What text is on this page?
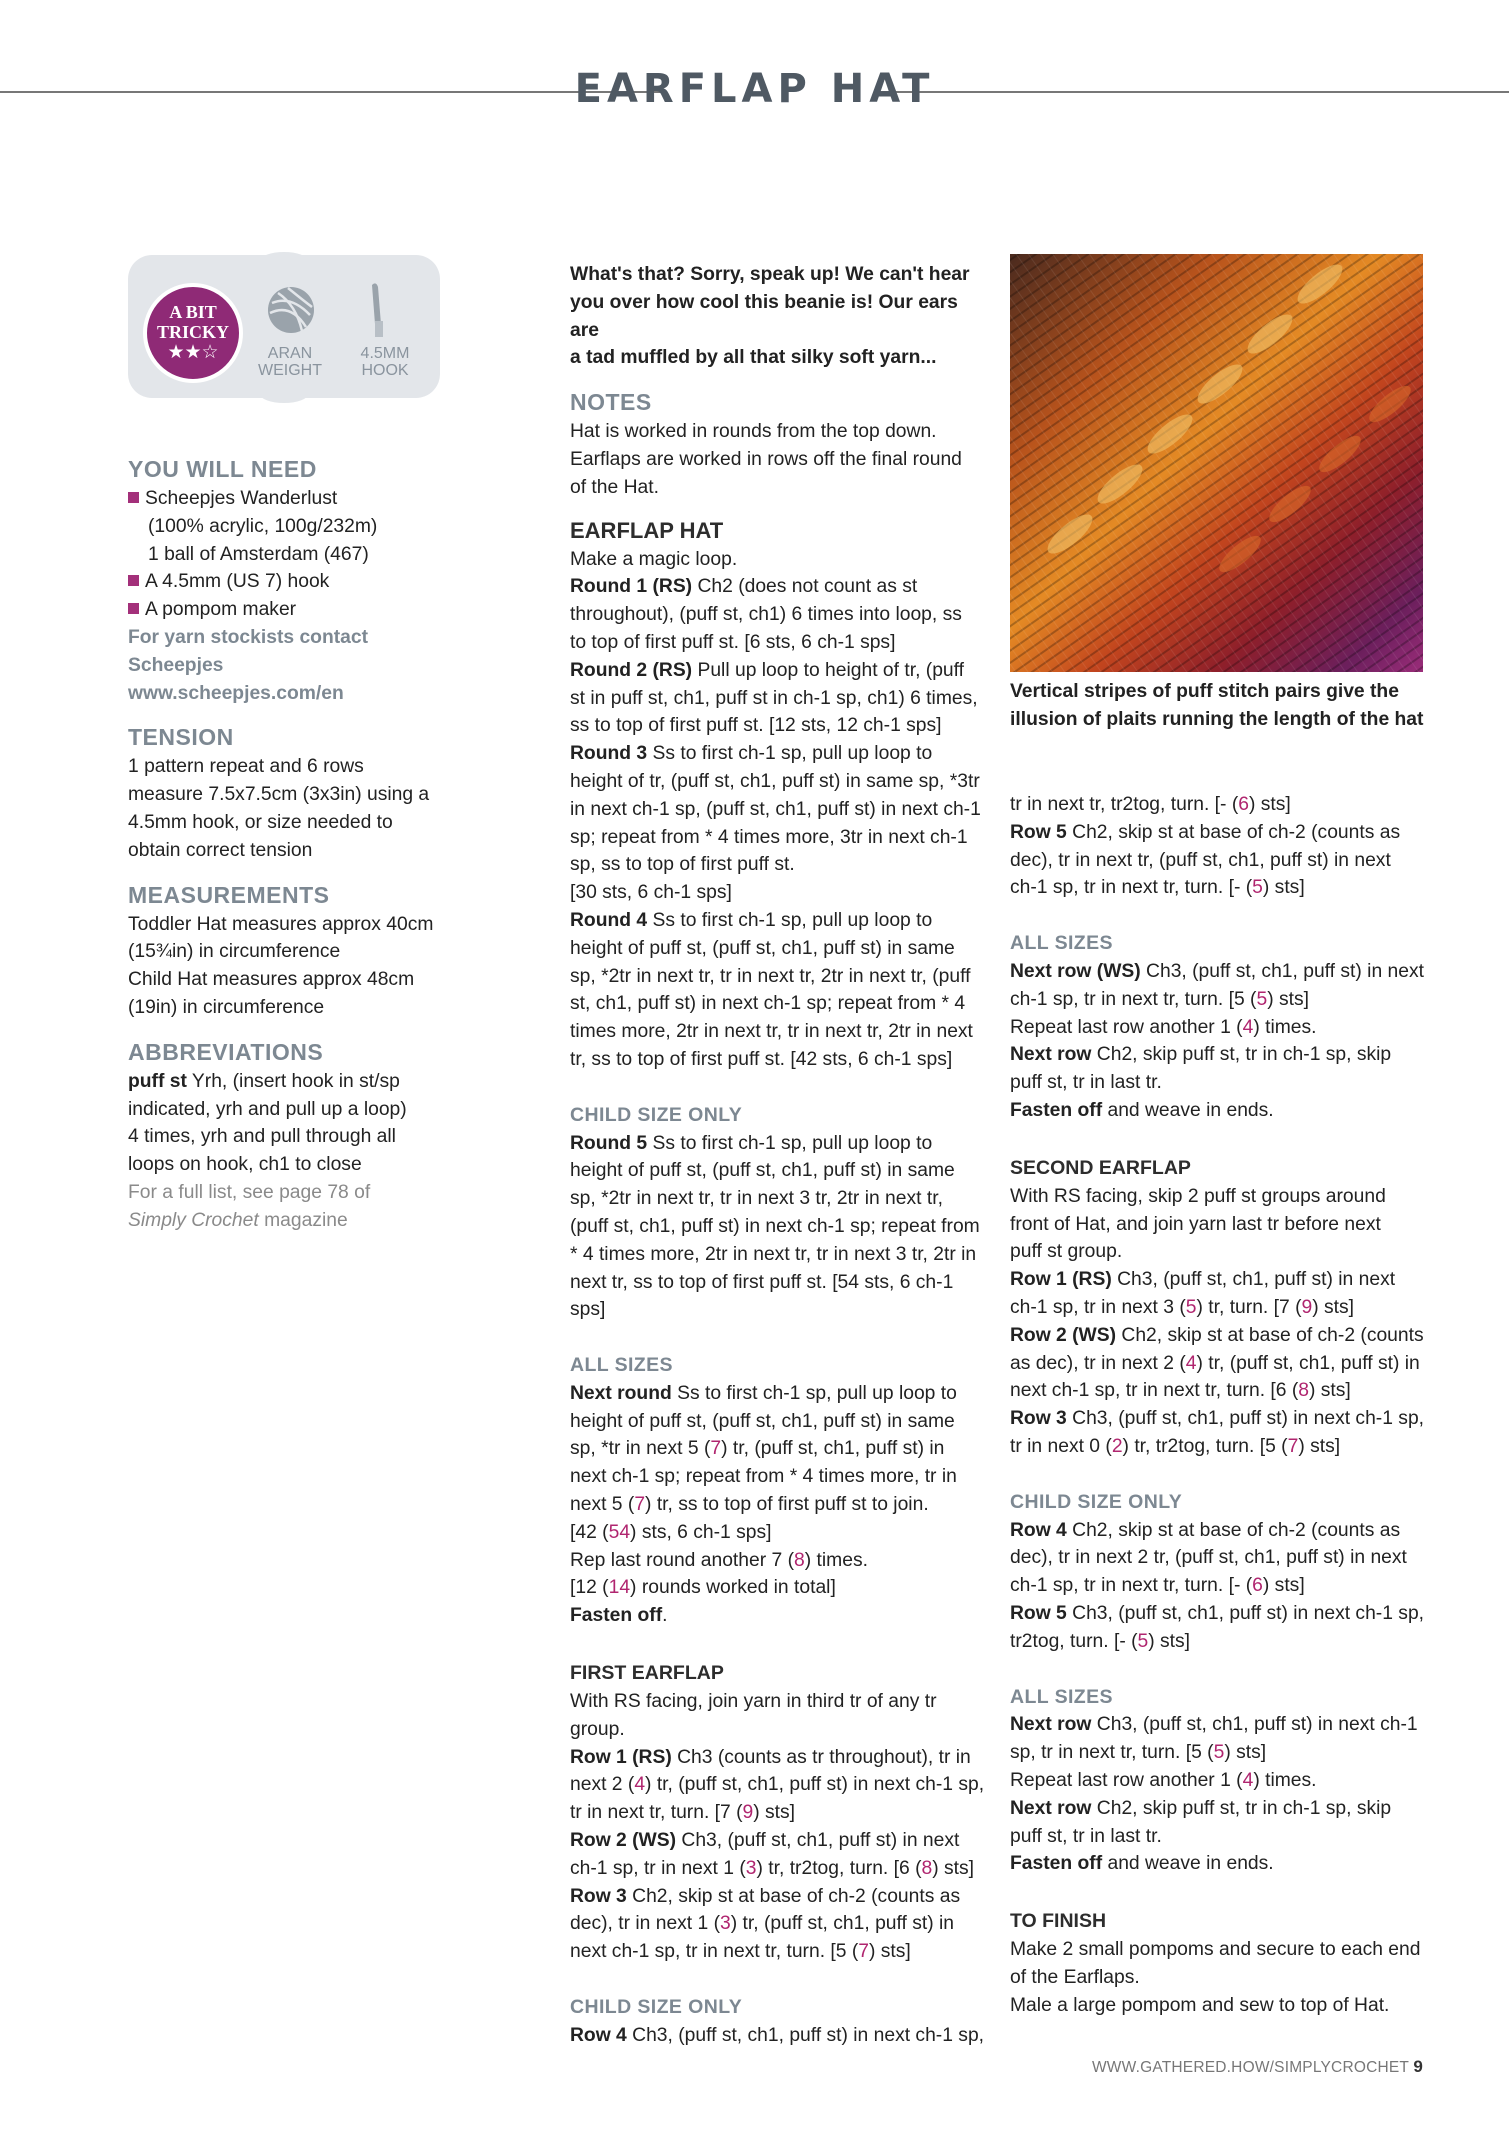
EARFLAP HAT
A BIT
TRICKY
★★☆	ARAN
WEIGHT
4.5MM
HOOK

YOU WILL NEED

Scheepjes Wanderlust

(100% acrylic, 100g/232m)

1 ball of Amsterdam (467)

A 4.5mm (US 7) hook

A pompom maker

For yarn stockists contact

Scheepjes

www.scheepjes.com/en

TENSION

1 pattern repeat and 6 rows

measure 7.5x7.5cm (3x3in) using a

4.5mm hook, or size needed to

obtain correct tension

MEASUREMENTS

Toddler Hat measures approx 40cm

(15¾in) in circumference

Child Hat measures approx 48cm

(19in) in circumference

ABBREVIATIONS

puff st Yrh, (insert hook in st/sp

indicated, yrh and pull up a loop)

4 times, yrh and pull through all

loops on hook, ch1 to close

For a full list, see page 78 of

Simply Crochet magazine

What's that? Sorry, speak up! We can't hear

you over how cool this beanie is! Our ears are

a tad muffled by all that silky soft yarn...

NOTES

Hat is worked in rounds from the top down.

Earflaps are worked in rows off the final round

of the Hat.

EARFLAP HAT

Make a magic loop.

Round 1 (RS) Ch2 (does not count as st

throughout), (puff st, ch1) 6 times into loop, ss

to top of first puff st. [6 sts, 6 ch-1 sps]

Round 2 (RS) Pull up loop to height of tr, (puff

st in puff st, ch1, puff st in ch-1 sp, ch1) 6 times,

ss to top of first puff st. [12 sts, 12 ch-1 sps]

Round 3 Ss to first ch-1 sp, pull up loop to

height of tr, (puff st, ch1, puff st) in same sp, *3tr

in next ch-1 sp, (puff st, ch1, puff st) in next ch-1

sp; repeat from * 4 times more, 3tr in next ch-1

sp, ss to top of first puff st.

[30 sts, 6 ch-1 sps]

Round 4 Ss to first ch-1 sp, pull up loop to

height of puff st, (puff st, ch1, puff st) in same

sp, *2tr in next tr, tr in next tr, 2tr in next tr, (puff

st, ch1, puff st) in next ch-1 sp; repeat from * 4

times more, 2tr in next tr, tr in next tr, 2tr in next

tr, ss to top of first puff st. [42 sts, 6 ch-1 sps]

CHILD SIZE ONLY

Round 5 Ss to first ch-1 sp, pull up loop to

height of puff st, (puff st, ch1, puff st) in same

sp, *2tr in next tr, tr in next 3 tr, 2tr in next tr,

(puff st, ch1, puff st) in next ch-1 sp; repeat from

* 4 times more, 2tr in next tr, tr in next 3 tr, 2tr in

next tr, ss to top of first puff st. [54 sts, 6 ch-1 sps]

ALL SIZES

Next round Ss to first ch-1 sp, pull up loop to

height of puff st, (puff st, ch1, puff st) in same

sp, *tr in next 5 (7) tr, (puff st, ch1, puff st) in

next ch-1 sp; repeat from * 4 times more, tr in

next 5 (7) tr, ss to top of first puff st to join.

[42 (54) sts, 6 ch-1 sps]

Rep last round another 7 (8) times.

[12 (14) rounds worked in total]

Fasten off.

FIRST EARFLAP

With RS facing, join yarn in third tr of any tr

group.

Row 1 (RS) Ch3 (counts as tr throughout), tr in

next 2 (4) tr, (puff st, ch1, puff st) in next ch-1 sp,

tr in next tr, turn. [7 (9) sts]

Row 2 (WS) Ch3, (puff st, ch1, puff st) in next

ch-1 sp, tr in next 1 (3) tr, tr2tog, turn. [6 (8) sts]

Row 3 Ch2, skip st at base of ch-2 (counts as

dec), tr in next 1 (3) tr, (puff st, ch1, puff st) in

next ch-1 sp, tr in next tr, turn. [5 (7) sts]

CHILD SIZE ONLY

Row 4 Ch3, (puff st, ch1, puff st) in next ch-1 sp,

Vertical stripes of puff stitch pairs give the
illusion of plaits running the length of the hat

tr in next tr, tr2tog, turn. [- (6) sts]

Row 5 Ch2, skip st at base of ch-2 (counts as

dec), tr in next tr, (puff st, ch1, puff st) in next

ch-1 sp, tr in next tr, turn. [- (5) sts]

ALL SIZES

Next row (WS) Ch3, (puff st, ch1, puff st) in next

ch-1 sp, tr in next tr, turn. [5 (5) sts]

Repeat last row another 1 (4) times.

Next row Ch2, skip puff st, tr in ch-1 sp, skip

puff st, tr in last tr.

Fasten off and weave in ends.

SECOND EARFLAP

With RS facing, skip 2 puff st groups around

front of Hat, and join yarn last tr before next

puff st group.

Row 1 (RS) Ch3, (puff st, ch1, puff st) in next

ch-1 sp, tr in next 3 (5) tr, turn. [7 (9) sts]

Row 2 (WS) Ch2, skip st at base of ch-2 (counts

as dec), tr in next 2 (4) tr, (puff st, ch1, puff st) in

next ch-1 sp, tr in next tr, turn. [6 (8) sts]

Row 3 Ch3, (puff st, ch1, puff st) in next ch-1 sp,

tr in next 0 (2) tr, tr2tog, turn. [5 (7) sts]

CHILD SIZE ONLY

Row 4 Ch2, skip st at base of ch-2 (counts as

dec), tr in next 2 tr, (puff st, ch1, puff st) in next

ch-1 sp, tr in next tr, turn. [- (6) sts]

Row 5 Ch3, (puff st, ch1, puff st) in next ch-1 sp,

tr2tog, turn. [- (5) sts]

ALL SIZES

Next row Ch3, (puff st, ch1, puff st) in next ch-1

sp, tr in next tr, turn. [5 (5) sts]

Repeat last row another 1 (4) times.

Next row Ch2, skip puff st, tr in ch-1 sp, skip

puff st, tr in last tr.

Fasten off and weave in ends.

TO FINISH

Make 2 small pompoms and secure to each end

of the Earflaps.

Male a large pompom and sew to top of Hat.

WWW.GATHERED.HOW/SIMPLYCROCHET 9
